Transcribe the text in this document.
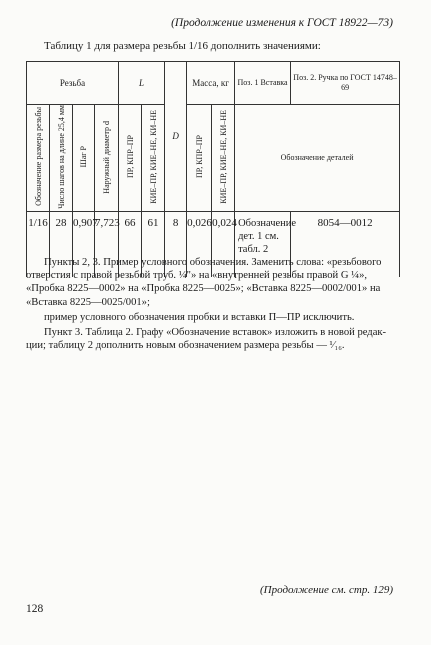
(Продолжение изменения к ГОСТ 18922—73)
Таблицу 1 для размера резьбы 1/16 дополнить значениями:
Резьба				L		D	Масса, кг		Поз. 1 Вставка	Поз. 2. Ручка по ГОСТ 14748–69
Обозначение размера резьбы	Число шагов на длине 25,4 мм	Шаг P	Наружный диаметр d	ПР, КПР–ПР	КИЕ–ПР, КИЕ–НЕ, КИ–НЕ		ПР, КПР–ПР	КИЕ–ПР, КИЕ–НЕ, КИ–НЕ	Обозначение деталей	
1/16	28	0,907	7,723	66	61	8	0,026	0,024	Обозначение дет. 1 см. табл. 2	8054—0012
Пункты 2, 3. Пример условного обозначения. Заменить слова: «резьбового
отверстия с правой резьбой труб. ¼"» на «внутренней резьбы правой G ¼»,
«Пробка 8225—0002» на «Пробка 8225—0025»; «Вставка 8225—0002/001» на
«Вставка 8225—0025/001»;
пример условного обозначения пробки и вставки П—ПР исключить.
Пункт 3. Таблица 2. Графу «Обозначение вставок» изложить в новой редак-
ции; таблицу 2 дополнить новым обозначением размера резьбы — ¹⁄₁₆.
(Продолжение см. стр. 129)
128
